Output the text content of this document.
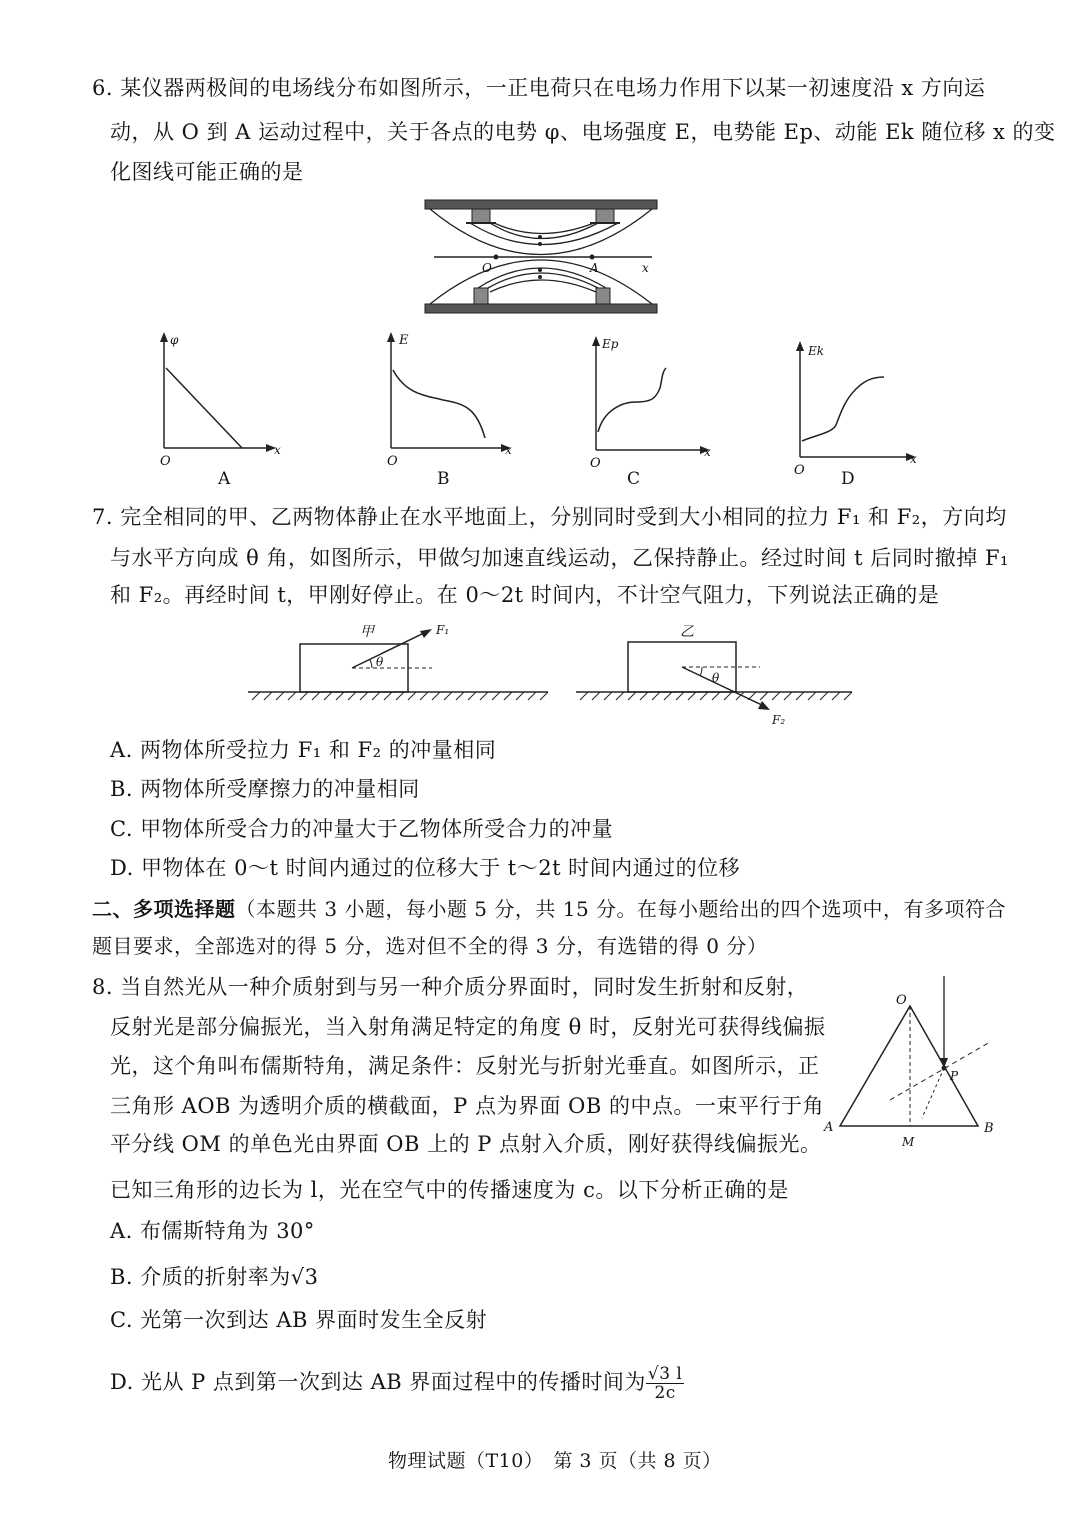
6. 某仪器两极间的电场线分布如图所示，一正电荷只在电场力作用下以某一初速度沿 x 方向运
动，从 O 到 A 运动过程中，关于各点的电势 φ、电场强度 E，电势能 Ep、动能 Ek 随位移 x 的变
化图线可能正确的是
O	A	x
φ
O
x
A
E
O
x
B
Ep
O
x
C
Ek
O
x
D
7. 完全相同的甲、乙两物体静止在水平地面上，分别同时受到大小相同的拉力 F₁ 和 F₂，方向均
与水平方向成 θ 角，如图所示，甲做匀加速直线运动，乙保持静止。经过时间 t 后同时撤掉 F₁
和 F₂。再经时间 t，甲刚好停止。在 0～2t 时间内，不计空气阻力，下列说法正确的是
θ
甲	F₁
θ
乙
F₂
A. 两物体所受拉力 F₁ 和 F₂ 的冲量相同
B. 两物体所受摩擦力的冲量相同
C. 甲物体所受合力的冲量大于乙物体所受合力的冲量
D. 甲物体在 0～t 时间内通过的位移大于 t～2t 时间内通过的位移
二、多项选择题（本题共 3 小题，每小题 5 分，共 15 分。在每小题给出的四个选项中，有多项符合
题目要求，全部选对的得 5 分，选对但不全的得 3 分，有选错的得 0 分）
8. 当自然光从一种介质射到与另一种介质分界面时，同时发生折射和反射，
反射光是部分偏振光，当入射角满足特定的角度 θ 时，反射光可获得线偏振
光，这个角叫布儒斯特角，满足条件：反射光与折射光垂直。如图所示，正
三角形 AOB 为透明介质的横截面，P 点为界面 OB 的中点。一束平行于角
平分线 OM 的单色光由界面 OB 上的 P 点射入介质，刚好获得线偏振光。
已知三角形的边长为 l，光在空气中的传播速度为 c。以下分析正确的是
O
A	B
M
P
A. 布儒斯特角为 30°
B. 介质的折射率为√3
C. 光第一次到达 AB 界面时发生全反射
D. 光从 P 点到第一次到达 AB 界面过程中的传播时间为 $\frac{√3 l}{2c}$
物理试题（T10）　第 3 页（共 8 页）
